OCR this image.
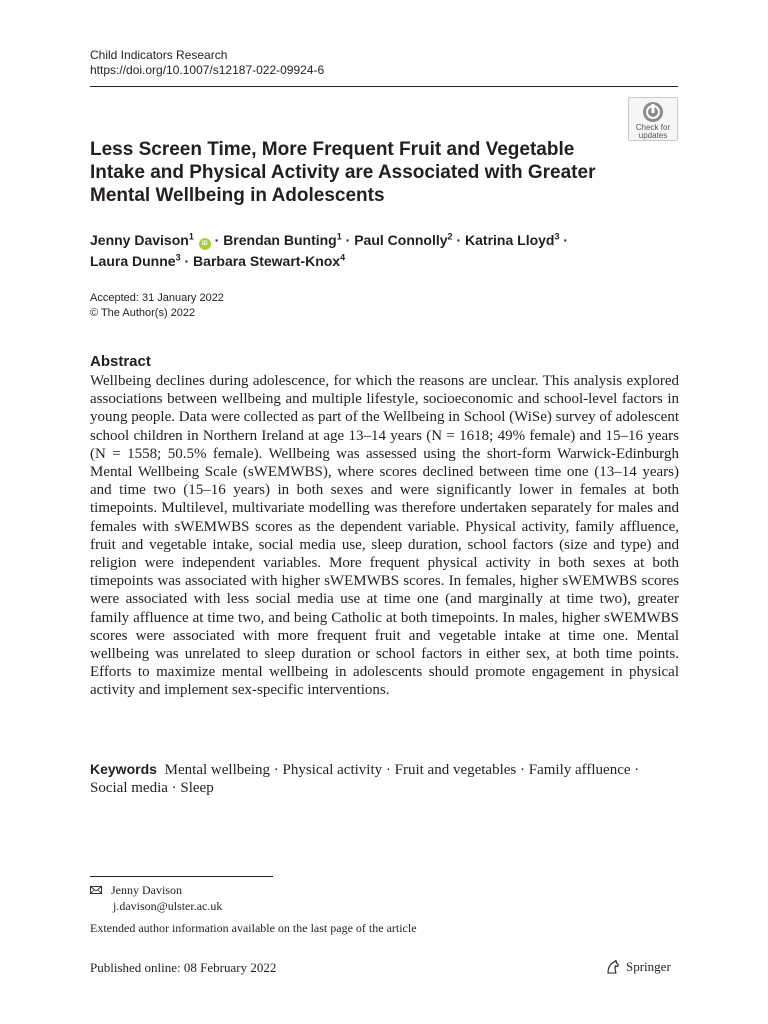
Child Indicators Research
https://doi.org/10.1007/s12187-022-09924-6
Check for updates
Less Screen Time, More Frequent Fruit and Vegetable Intake and Physical Activity are Associated with Greater Mental Wellbeing in Adolescents
Jenny Davison$^1$ iD · Brendan Bunting$^1$ · Paul Connolly$^2$ · Katrina Lloyd$^3$ ·
Laura Dunne$^3$ · Barbara Stewart-Knox$^4$
Accepted: 31 January 2022
© The Author(s) 2022
Abstract
Wellbeing declines during adolescence, for which the reasons are unclear. This analysis explored associations between wellbeing and multiple lifestyle, socioeconomic and school-level factors in young people. Data were collected as part of the Wellbeing in School (WiSe) survey of adolescent school children in Northern Ireland at age 13–14 years (N = 1618; 49% female) and 15–16 years (N = 1558; 50.5% female). Wellbeing was assessed using the short-form Warwick-Edinburgh Mental Wellbeing Scale (sWEMWBS), where scores declined between time one (13–14 years) and time two (15–16 years) in both sexes and were significantly lower in females at both timepoints. Multilevel, multivariate modelling was therefore undertaken separately for males and females with sWEMWBS scores as the dependent variable. Physical activity, family affluence, fruit and vegetable intake, social media use, sleep duration, school factors (size and type) and religion were independent variables. More frequent physical activity in both sexes at both timepoints was associated with higher sWEMWBS scores. In females, higher sWEMWBS scores were associated with less social media use at time one (and marginally at time two), greater family affluence at time two, and being Catholic at both timepoints. In males, higher sWEMWBS scores were associated with more frequent fruit and vegetable intake at time one. Mental wellbeing was unrelated to sleep duration or school factors in either sex, at both time points. Efforts to maximize mental wellbeing in adolescents should promote engagement in physical activity and implement sex-specific interventions.
Keywords Mental wellbeing · Physical activity · Fruit and vegetables · Family affluence · Social media · Sleep
Jenny Davison
j.davison@ulster.ac.uk
Extended author information available on the last page of the article
Published online: 08 February 2022	Springer
